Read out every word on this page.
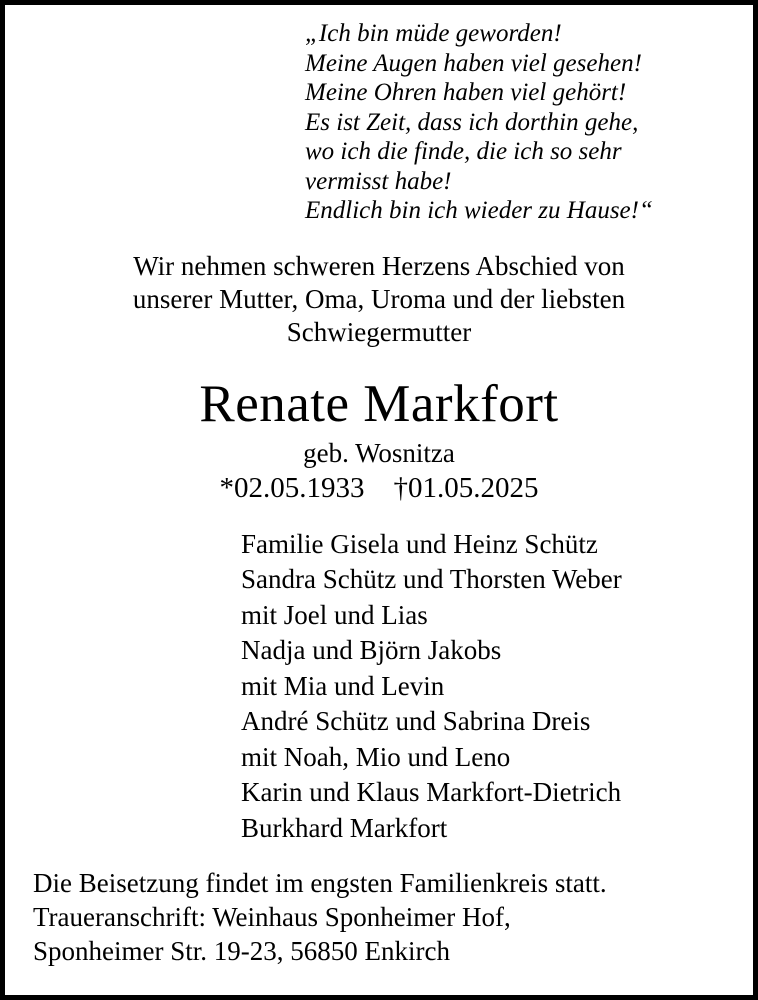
„Ich bin müde geworden!
Meine Augen haben viel gesehen!
Meine Ohren haben viel gehört!
Es ist Zeit, dass ich dorthin gehe,
wo ich die finde, die ich so sehr
vermisst habe!
Endlich bin ich wieder zu Hause!“
Wir nehmen schweren Herzens Abschied von
unserer Mutter, Oma, Uroma und der liebsten
Schwiegermutter
Renate Markfort
geb. Wosnitza
*02.05.1933    †01.05.2025
Familie Gisela und Heinz Schütz
Sandra Schütz und Thorsten Weber
mit Joel und Lias
Nadja und Björn Jakobs
mit Mia und Levin
André Schütz und Sabrina Dreis
mit Noah, Mio und Leno
Karin und Klaus Markfort-Dietrich
Burkhard Markfort
Die Beisetzung findet im engsten Familienkreis statt.
Traueranschrift: Weinhaus Sponheimer Hof,
Sponheimer Str. 19-23, 56850 Enkirch
